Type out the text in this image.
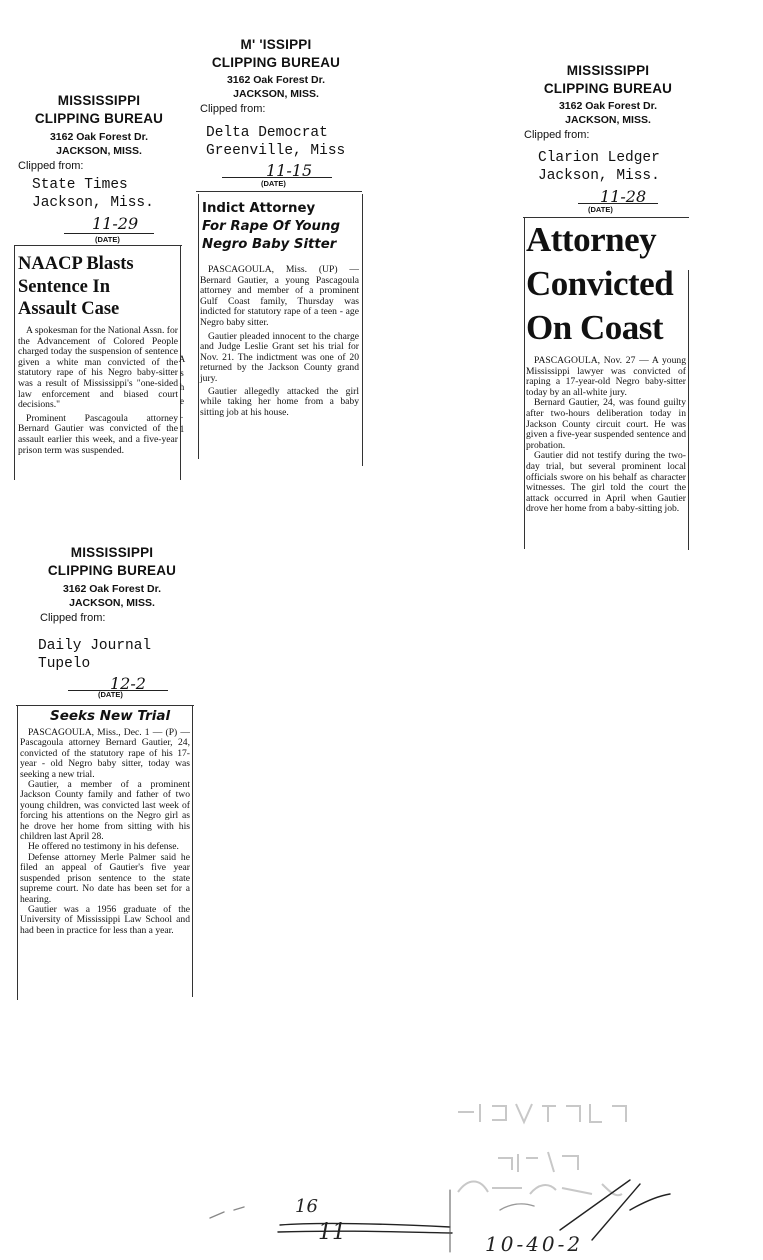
MISSISSIPPI
CLIPPING BUREAU
3162 Oak Forest Dr.
JACKSON, MISS.
Clipped from:
State Times
Jackson, Miss.
11-29
(DATE)
NAACP Blasts
Sentence In
Assault Case

A spokesman for the National Assn. for the Advancement of Colored People charged today the suspension of sentence given a white man convicted of the statutory rape of his Negro baby-sitter was a result of Mississippi's "one-sided law enforcement and biased court decisions."

Prominent Pascagoula attorney Bernard Gautier was convicted of the assault earlier this week, and a five-year prison term was suspended.

M' 'ISSIPPI
CLIPPING BUREAU
3162 Oak Forest Dr.
JACKSON, MISS.
Clipped from:
Delta Democrat
Greenville, Miss
11-15
(DATE)
A s h e . 1
Indict Attorney
For Rape Of Young
Negro Baby Sitter

PASCAGOULA, Miss. (UP) — Bernard Gautier, a young Pascagoula attorney and member of a prominent Gulf Coast family, Thursday was indicted for statutory rape of a teen - age Negro baby sitter.

Gautier pleaded innocent to the charge and Judge Leslie Grant set his trial for Nov. 21. The indictment was one of 20 returned by the Jackson County grand jury.

Gautier allegedly attacked the girl while taking her home from a baby sitting job at his house.

MISSISSIPPI
CLIPPING BUREAU
3162 Oak Forest Dr.
JACKSON, MISS.
Clipped from:
Clarion Ledger
Jackson, Miss.
11-28
(DATE)
Attorney
Convicted
On Coast

PASCAGOULA, Nov. 27 — A young Mississippi lawyer was convicted of raping a 17-year-old Negro baby-sitter today by an all-white jury.

Bernard Gautier, 24, was found guilty after two-hours deliberation today in Jackson County circuit court. He was given a five-year suspended sentence and probation.

Gautier did not testify during the two-day trial, but several prominent local officials swore on his behalf as character witnesses. The girl told the court the attack occurred in April when Gautier drove her home from a baby-sitting job.

MISSISSIPPI
CLIPPING BUREAU
3162 Oak Forest Dr.
JACKSON, MISS.
Clipped from:
Daily Journal
Tupelo
12-2
(DATE)
Seeks New Trial

PASCAGOULA, Miss., Dec. 1 — (P) — Pascagoula attorney Bernard Gautier, 24, convicted of the statutory rape of his 17-year - old Negro baby sitter, today was seeking a new trial.

Gautier, a member of a prominent Jackson County family and father of two young children, was convicted last week of forcing his attentions on the Negro girl as he drove her home from sitting with his children last April 28.

He offered no testimony in his defense.

Defense attorney Merle Palmer said he filed an appeal of Gautier's five year suspended prison sentence to the state supreme court. No date has been set for a hearing.

Gautier was a 1956 graduate of the University of Mississippi Law School and had been in practice for less than a year.

16
11	10-40-2
